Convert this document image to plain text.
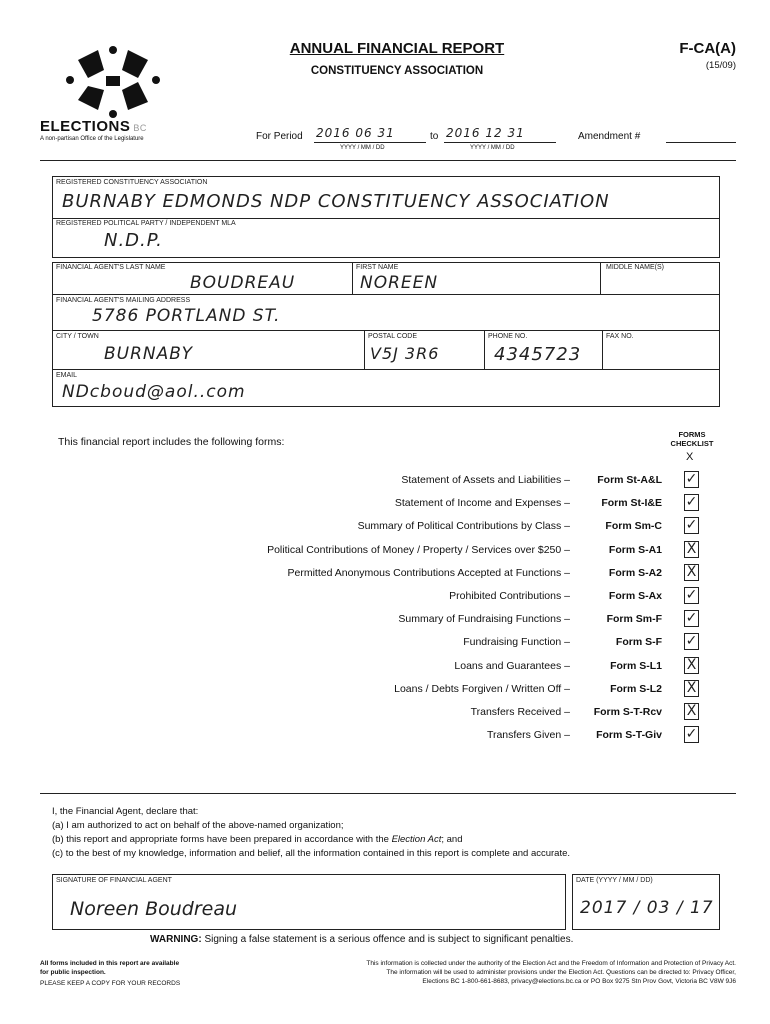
ELECTIONS BC
A non-partisan Office of the Legislature
ANNUAL FINANCIAL REPORT
CONSTITUENCY ASSOCIATION
F-CA(A)
(15/09)
For Period 2016 06 31
YYYY / MM / DD
to 2016 12 31
YYYY / MM / DD
Amendment #
REGISTERED CONSTITUENCY ASSOCIATION
BURNABY EDMONDS NDP CONSTITUENCY ASSOCIATION
REGISTERED POLITICAL PARTY / INDEPENDENT MLA
N.D.P.
FINANCIAL AGENT'S LAST NAME
BOUDREAU
FIRST NAME
NOREEN
MIDDLE NAME(S)
FINANCIAL AGENT'S MAILING ADDRESS
5786 PORTLAND ST.
CITY / TOWN
BURNABY
POSTAL CODE
V5J 3R6
PHONE NO.
4345723
FAX NO.
EMAIL
NDcboud@aol..com
This financial report includes the following forms:
FORMS CHECKLIST
X
Statement of Assets and Liabilities –	Form St-A&L ✓
Statement of Income and Expenses –	Form St-I&E ✓
Summary of Political Contributions by Class –	Form Sm-C ✓
Political Contributions of Money / Property / Services over $250 –	Form S-A1 X
Permitted Anonymous Contributions Accepted at Functions –	Form S-A2 X
Prohibited Contributions –	Form S-Ax ✓
Summary of Fundraising Functions –	Form Sm-F ✓
Fundraising Function –	Form S-F ✓
Loans and Guarantees –	Form S-L1 X
Loans / Debts Forgiven / Written Off –	Form S-L2 X
Transfers Received –	Form S-T-Rcv X
Transfers Given –	Form S-T-Giv ✓
I, the Financial Agent, declare that:
(a) I am authorized to act on behalf of the above-named organization;
(b) this report and appropriate forms have been prepared in accordance with the Election Act; and
(c) to the best of my knowledge, information and belief, all the information contained in this report is complete and accurate.
SIGNATURE OF FINANCIAL AGENT
Noreen Boudreau
DATE (YYYY / MM / DD)
2017 / 03 / 17
WARNING: Signing a false statement is a serious offence and is subject to significant penalties.
All forms included in this report are available
for public inspection.
PLEASE KEEP A COPY FOR YOUR RECORDS
This information is collected under the authority of the Election Act and the Freedom of Information and Protection of Privacy Act.
The information will be used to administer provisions under the Election Act. Questions can be directed to: Privacy Officer,
Elections BC 1-800-661-8683, privacy@elections.bc.ca or PO Box 9275 Stn Prov Govt, Victoria BC V8W 9J6
